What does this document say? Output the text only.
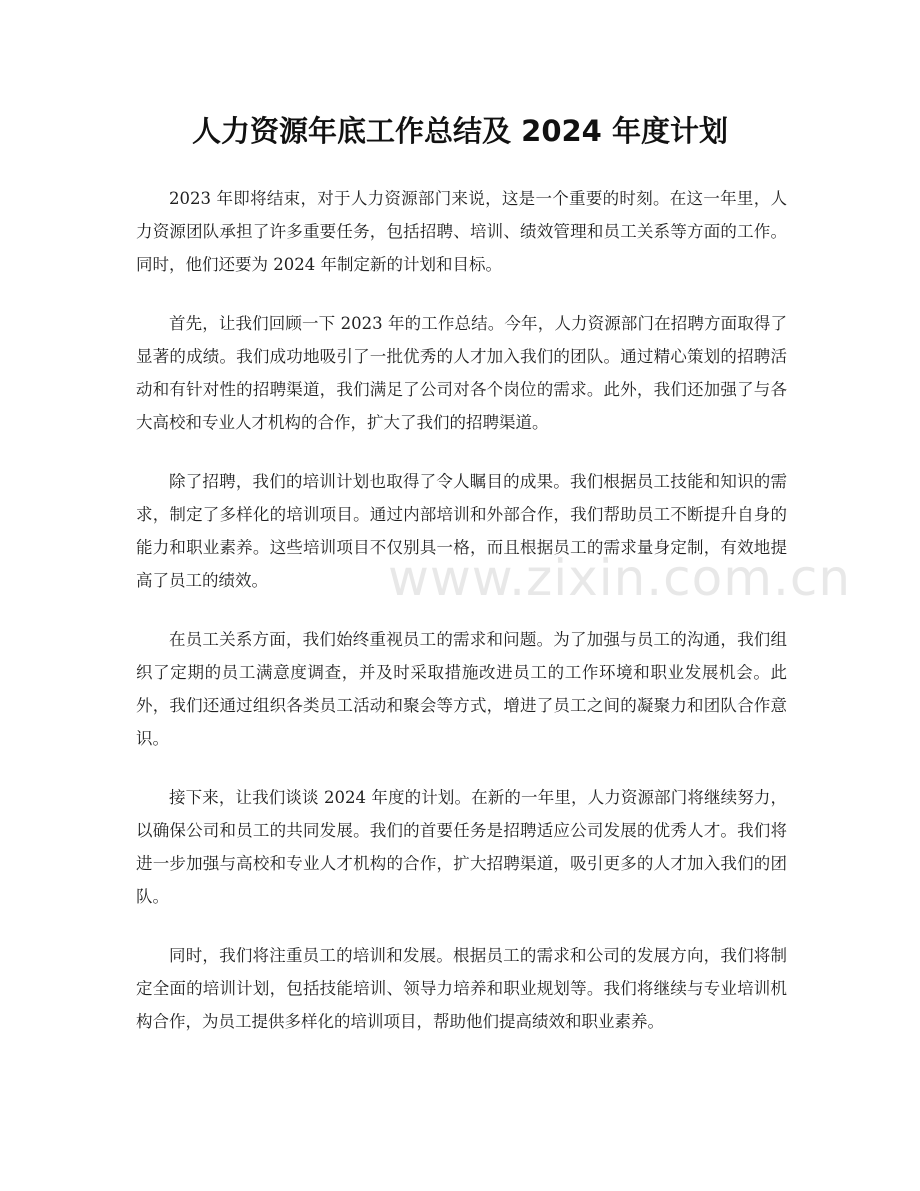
人力资源年底工作总结及 2024 年度计划

2023 年即将结束，对于人力资源部门来说，这是一个重要的时刻。在这一年里，人力资源团队承担了许多重要任务，包括招聘、培训、绩效管理和员工关系等方面的工作。同时，他们还要为 2024 年制定新的计划和目标。

首先，让我们回顾一下 2023 年的工作总结。今年，人力资源部门在招聘方面取得了显著的成绩。我们成功地吸引了一批优秀的人才加入我们的团队。通过精心策划的招聘活动和有针对性的招聘渠道，我们满足了公司对各个岗位的需求。此外，我们还加强了与各大高校和专业人才机构的合作，扩大了我们的招聘渠道。

除了招聘，我们的培训计划也取得了令人瞩目的成果。我们根据员工技能和知识的需求，制定了多样化的培训项目。通过内部培训和外部合作，我们帮助员工不断提升自身的能力和职业素养。这些培训项目不仅别具一格，而且根据员工的需求量身定制，有效地提高了员工的绩效。

在员工关系方面，我们始终重视员工的需求和问题。为了加强与员工的沟通，我们组织了定期的员工满意度调查，并及时采取措施改进员工的工作环境和职业发展机会。此外，我们还通过组织各类员工活动和聚会等方式，增进了员工之间的凝聚力和团队合作意识。

接下来，让我们谈谈 2024 年度的计划。在新的一年里，人力资源部门将继续努力，以确保公司和员工的共同发展。我们的首要任务是招聘适应公司发展的优秀人才。我们将进一步加强与高校和专业人才机构的合作，扩大招聘渠道，吸引更多的人才加入我们的团队。

同时，我们将注重员工的培训和发展。根据员工的需求和公司的发展方向，我们将制定全面的培训计划，包括技能培训、领导力培养和职业规划等。我们将继续与专业培训机构合作，为员工提供多样化的培训项目，帮助他们提高绩效和职业素养。

www.zixin.com.cn
